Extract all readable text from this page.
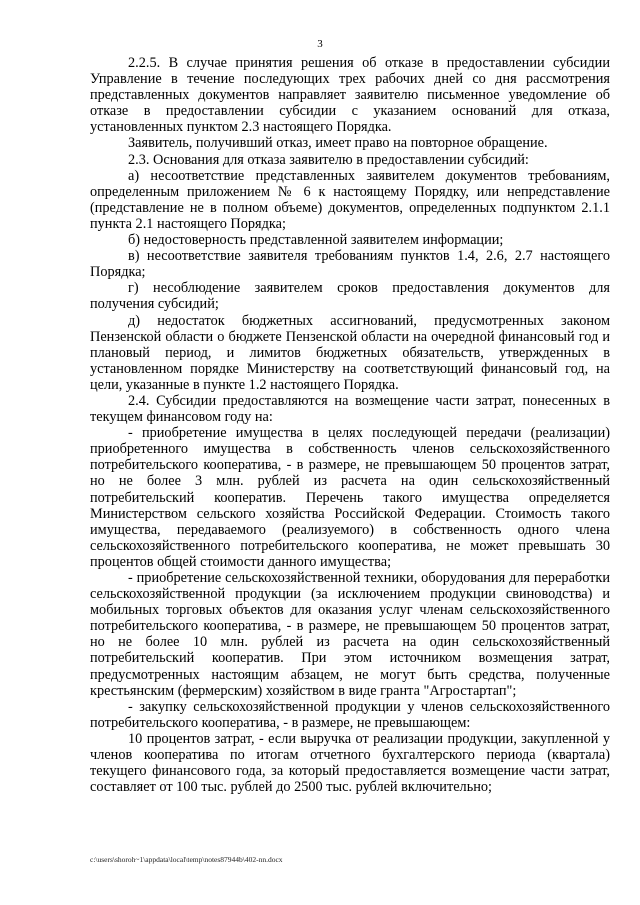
3

2.2.5. В случае принятия решения об отказе в предоставлении субсидии Управление в течение последующих трех рабочих дней со дня рассмотрения представленных документов направляет заявителю письменное уведомление об отказе в предоставлении субсидии с указанием оснований для отказа, установленных пунктом 2.3 настоящего Порядка.

Заявитель, получивший отказ, имеет право на повторное обращение.

2.3. Основания для отказа заявителю в предоставлении субсидий:

а) несоответствие представленных заявителем документов требованиям, определенным приложением № 6 к настоящему Порядку, или непредставление (представление не в полном объеме) документов, определенных подпунктом 2.1.1 пункта 2.1 настоящего Порядка;

б) недостоверность представленной заявителем информации;

в) несоответствие заявителя требованиям пунктов 1.4, 2.6, 2.7 настоящего Порядка;

г) несоблюдение заявителем сроков предоставления документов для получения субсидий;

д) недостаток бюджетных ассигнований, предусмотренных законом Пензенской области о бюджете Пензенской области на очередной финансовый год и плановый период, и лимитов бюджетных обязательств, утвержденных в установленном порядке Министерству на соответствующий финансовый год, на цели, указанные в пункте 1.2 настоящего Порядка.

2.4. Субсидии предоставляются на возмещение части затрат, понесенных в текущем финансовом году на:

- приобретение имущества в целях последующей передачи (реализации) приобретенного имущества в собственность членов сельскохозяйственного потребительского кооператива, - в размере, не превышающем 50 процентов затрат, но не более 3 млн. рублей из расчета на один сельскохозяйственный потребительский кооператив. Перечень такого имущества определяется Министерством сельского хозяйства Российской Федерации. Стоимость такого имущества, передаваемого (реализуемого) в собственность одного члена сельскохозяйственного потребительского кооператива, не может превышать 30 процентов общей стоимости данного имущества;

- приобретение сельскохозяйственной техники, оборудования для переработки сельскохозяйственной продукции (за исключением продукции свиноводства) и мобильных торговых объектов для оказания услуг членам сельскохозяйственного потребительского кооператива, - в размере, не превышающем 50 процентов затрат, но не более 10 млн. рублей из расчета на один сельскохозяйственный потребительский кооператив. При этом источником возмещения затрат, предусмотренных настоящим абзацем, не могут быть средства, полученные крестьянским (фермерским) хозяйством в виде гранта "Агростартап";

- закупку сельскохозяйственной продукции у членов сельскохозяйственного потребительского кооператива, - в размере, не превышающем:

10 процентов затрат, - если выручка от реализации продукции, закупленной у членов кооператива по итогам отчетного бухгалтерского периода (квартала) текущего финансового года, за который предоставляется возмещение части затрат, составляет от 100 тыс. рублей до 2500 тыс. рублей включительно;

c:\users\shoroh~1\appdata\local\temp\notes87944b\402-nn.docx
